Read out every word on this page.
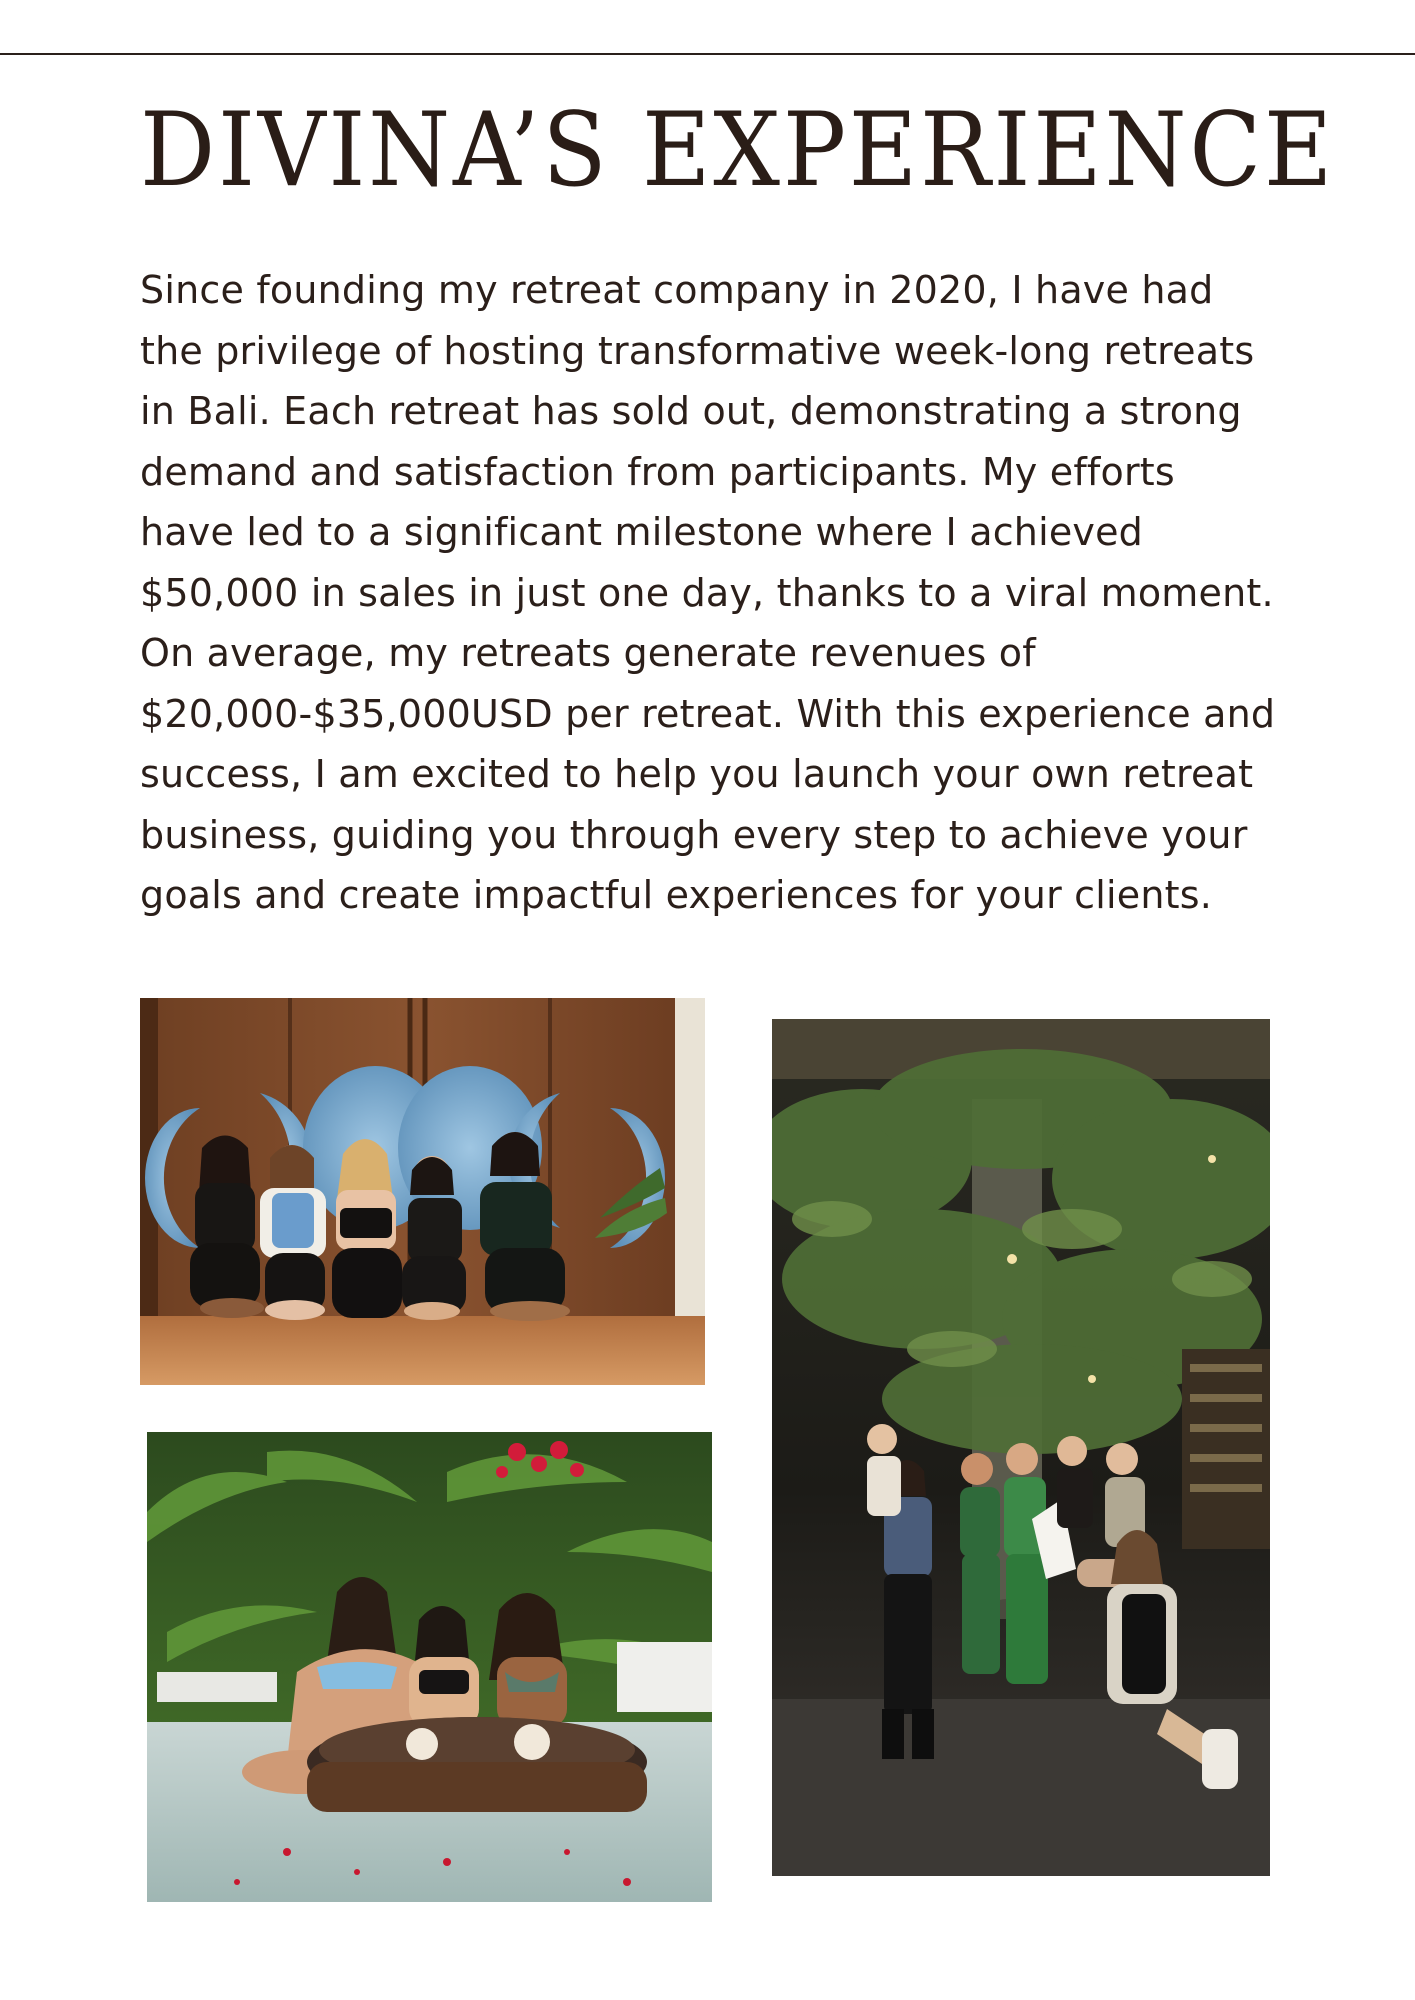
DIVINA’S EXPERIENCE

Since founding my retreat company in 2020, I have had the privilege of hosting transformative week-long retreats in Bali. Each retreat has sold out, demonstrating a strong demand and satisfaction from participants. My efforts have led to a significant milestone where I achieved $50,000 in sales in just one day, thanks to a viral moment. On average, my retreats generate revenues of $20,000-$35,000USD per retreat. With this experience and success, I am excited to help you launch your own retreat business, guiding you through every step to achieve your goals and create impactful experiences for your clients.
